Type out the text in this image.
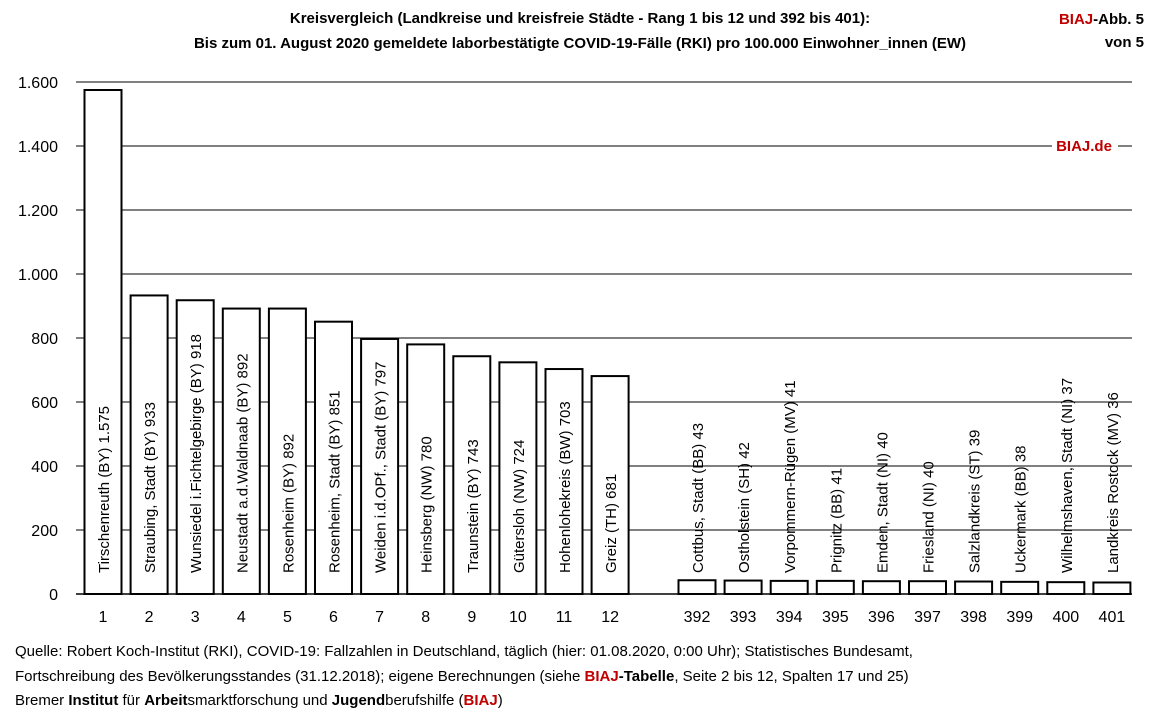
Kreisvergleich (Landkreise und kreisfreie Städte - Rang 1 bis 12 und 392 bis 401):
Bis zum 01. August 2020 gemeldete laborbestätigte COVID-19-Fälle (RKI) pro 100.000 Einwohner_innen (EW)
BIAJ-Abb. 5
von 5
0
200
400
600
800
1.000
1.200
1.400
1.600
BIAJ.de
1
Tirschenreuth (BY) 1.575
2
Straubing, Stadt (BY) 933
3
Wunsiedel i.Fichtelgebirge (BY) 918
4
Neustadt a.d.Waldnaab (BY) 892
5
Rosenheim (BY) 892
6
Rosenheim, Stadt (BY) 851
7
Weiden i.d.OPf., Stadt (BY) 797
8
Heinsberg (NW) 780
9
Traunstein (BY) 743
10
Gütersloh (NW) 724
11
Hohenlohekreis (BW) 703
12
Greiz (TH) 681
392
Cottbus, Stadt (BB) 43
393
Ostholstein (SH) 42
394
Vorpommern-Rügen (MV) 41
395
Prignitz (BB) 41
396
Emden, Stadt (NI) 40
397
Friesland (NI) 40
398
Salzlandkreis (ST) 39
399
Uckermark (BB) 38
400
Wilhelmshaven, Stadt (NI) 37
401
Landkreis Rostock (MV) 36
Quelle: Robert Koch-Institut (RKI), COVID-19: Fallzahlen in Deutschland, täglich (hier: 01.08.2020, 0:00 Uhr); Statistisches Bundesamt,
Fortschreibung des Bevölkerungsstandes (31.12.2018); eigene Berechnungen (siehe BIAJ-Tabelle, Seite 2 bis 12, Spalten 17 und 25)
Bremer Institut für Arbeitsmarktforschung und Jugendberufshilfe (BIAJ)
